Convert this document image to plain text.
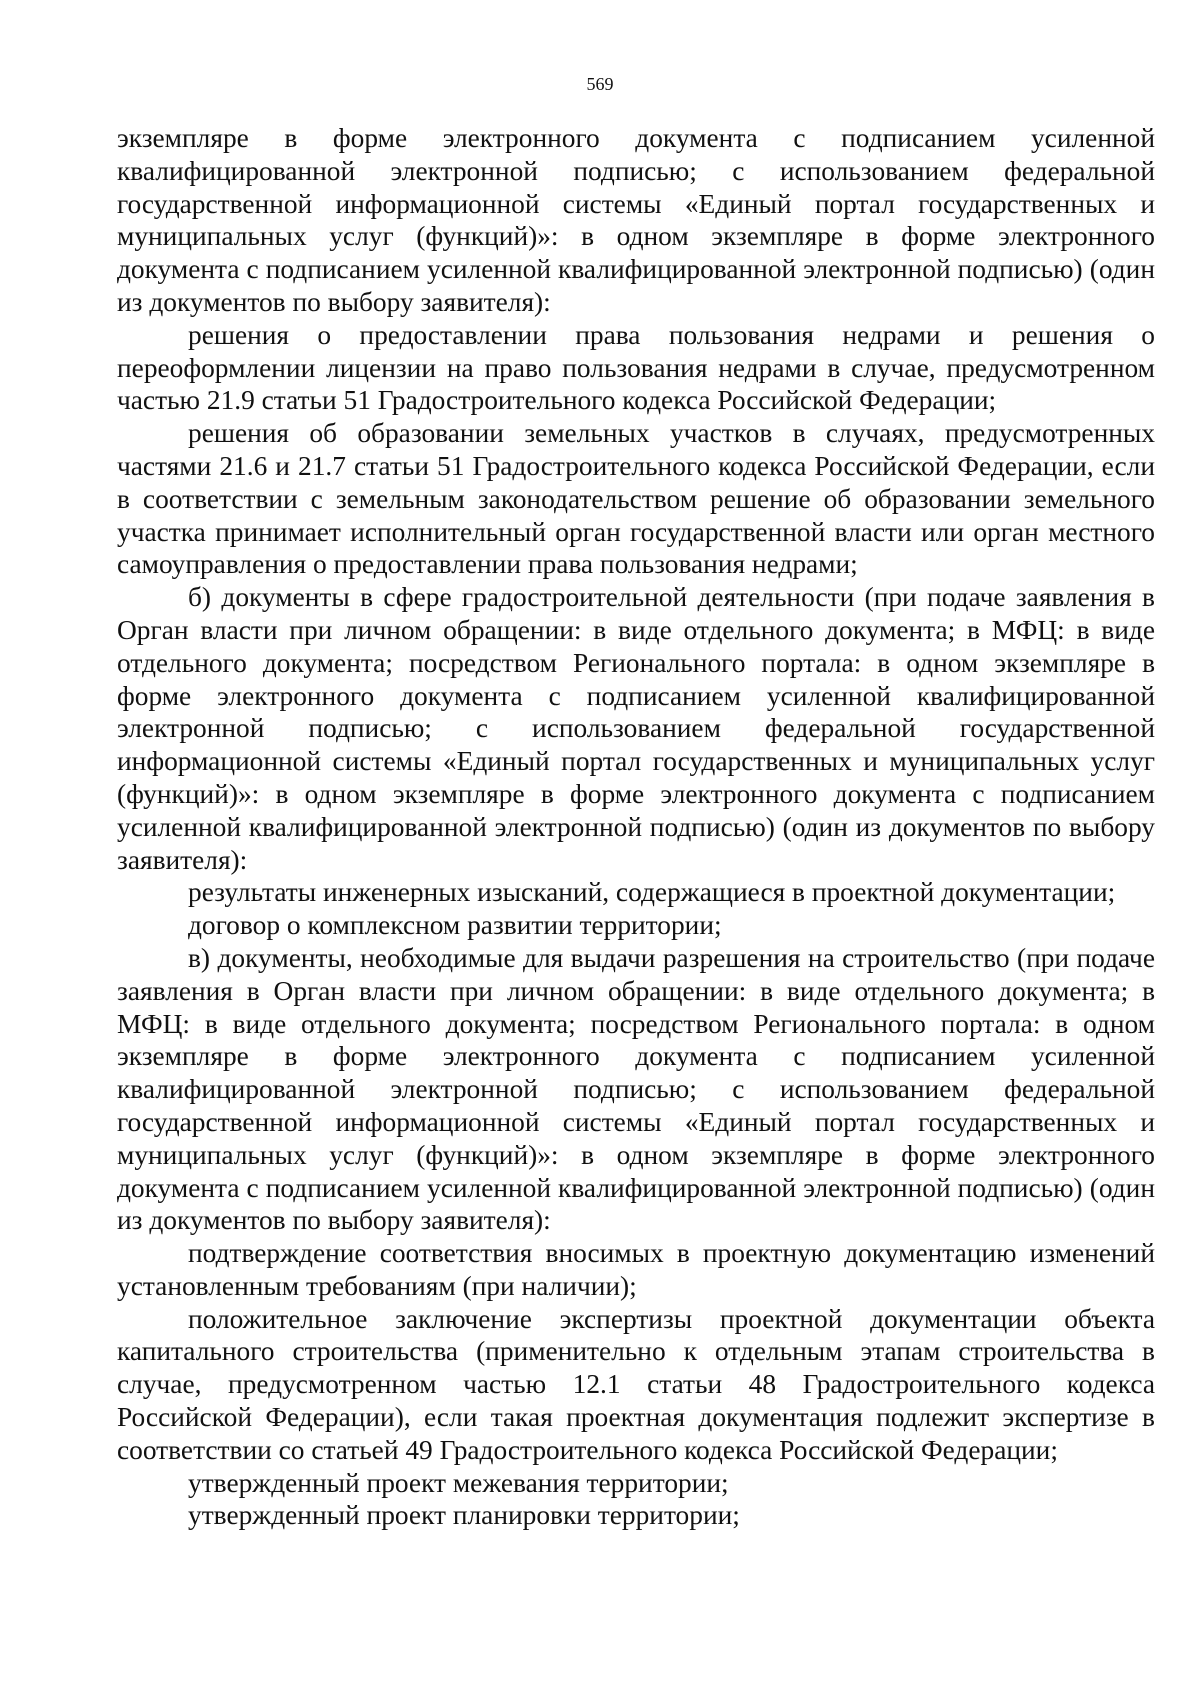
569

экземпляре в форме электронного документа с подписанием усиленной квалифицированной электронной подписью; с использованием федеральной государственной информационной системы «Единый портал государственных и муниципальных услуг (функций)»: в одном экземпляре в форме электронного документа с подписанием усиленной квалифицированной электронной подписью) (один из документов по выбору заявителя):

решения о предоставлении права пользования недрами и решения о переоформлении лицензии на право пользования недрами в случае, предусмотренном частью 21.9 статьи 51 Градостроительного кодекса Российской Федерации;

решения об образовании земельных участков в случаях, предусмотренных частями 21.6 и 21.7 статьи 51 Градостроительного кодекса Российской Федерации, если в соответствии с земельным законодательством решение об образовании земельного участка принимает исполнительный орган государственной власти или орган местного самоуправления о предоставлении права пользования недрами;

б) документы в сфере градостроительной деятельности (при подаче заявления в Орган власти при личном обращении: в виде отдельного документа; в МФЦ: в виде отдельного документа; посредством Регионального портала: в одном экземпляре в форме электронного документа с подписанием усиленной квалифицированной электронной подписью; с использованием федеральной государственной информационной системы «Единый портал государственных и муниципальных услуг (функций)»: в одном экземпляре в форме электронного документа с подписанием усиленной квалифицированной электронной подписью) (один из документов по выбору заявителя):

результаты инженерных изысканий, содержащиеся в проектной документации;

договор о комплексном развитии территории;

в) документы, необходимые для выдачи разрешения на строительство (при подаче заявления в Орган власти при личном обращении: в виде отдельного документа; в МФЦ: в виде отдельного документа; посредством Регионального портала: в одном экземпляре в форме электронного документа с подписанием усиленной квалифицированной электронной подписью; с использованием федеральной государственной информационной системы «Единый портал государственных и муниципальных услуг (функций)»: в одном экземпляре в форме электронного документа с подписанием усиленной квалифицированной электронной подписью) (один из документов по выбору заявителя):

подтверждение соответствия вносимых в проектную документацию изменений установленным требованиям (при наличии);

положительное заключение экспертизы проектной документации объекта капитального строительства (применительно к отдельным этапам строительства в случае, предусмотренном частью 12.1 статьи 48 Градостроительного кодекса Российской Федерации), если такая проектная документация подлежит экспертизе в соответствии со статьей 49 Градостроительного кодекса Российской Федерации;

утвержденный проект межевания территории;

утвержденный проект планировки территории;
